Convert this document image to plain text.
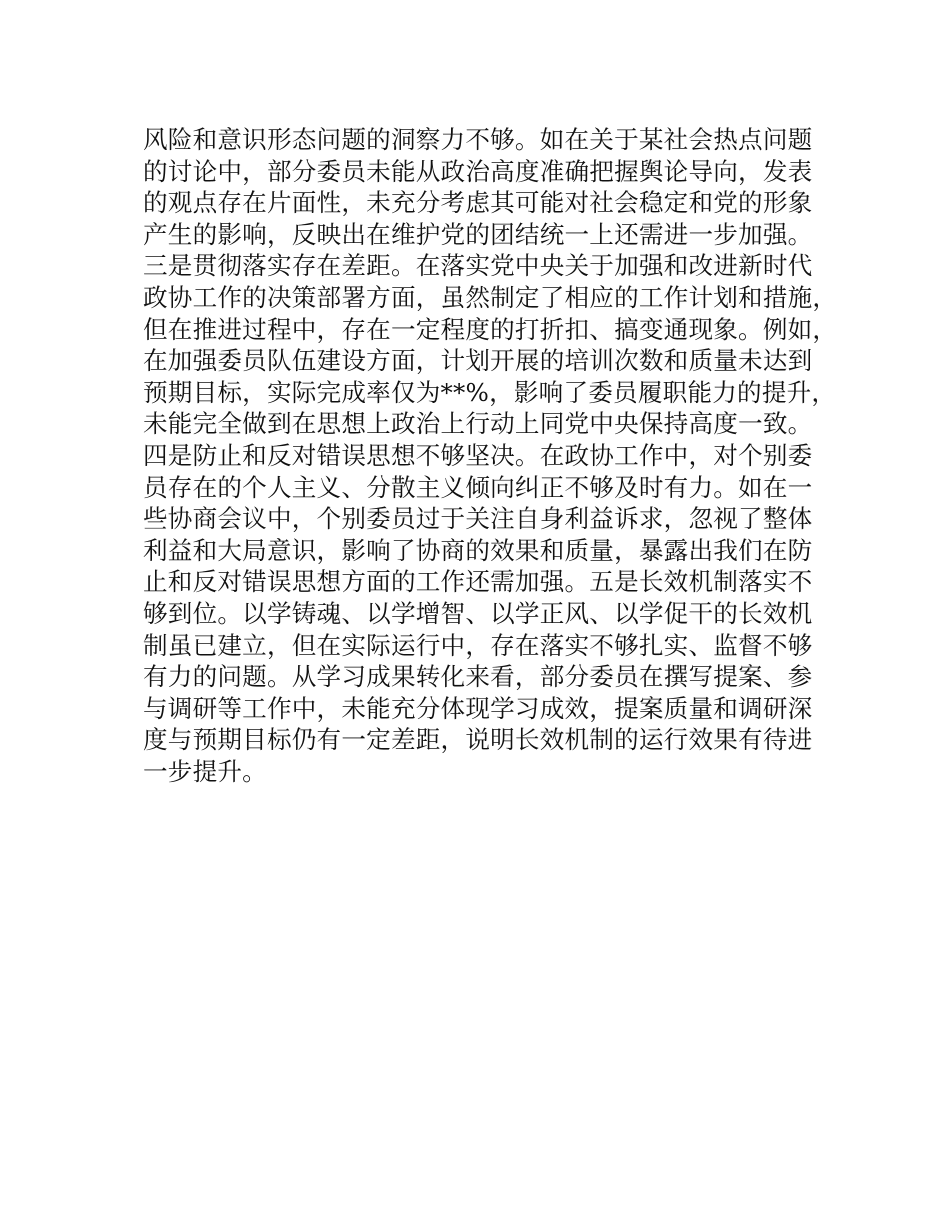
风险和意识形态问题的洞察力不够。如在关于某社会热点问题
的讨论中，部分委员未能从政治高度准确把握舆论导向，发表
的观点存在片面性，未充分考虑其可能对社会稳定和党的形象
产生的影响，反映出在维护党的团结统一上还需进一步加强。
三是贯彻落实存在差距。在落实党中央关于加强和改进新时代
政协工作的决策部署方面，虽然制定了相应的工作计划和措施，
但在推进过程中，存在一定程度的打折扣、搞变通现象。例如，
在加强委员队伍建设方面，计划开展的培训次数和质量未达到
预期目标，实际完成率仅为**%，影响了委员履职能力的提升，
未能完全做到在思想上政治上行动上同党中央保持高度一致。
四是防止和反对错误思想不够坚决。在政协工作中，对个别委
员存在的个人主义、分散主义倾向纠正不够及时有力。如在一
些协商会议中，个别委员过于关注自身利益诉求，忽视了整体
利益和大局意识，影响了协商的效果和质量，暴露出我们在防
止和反对错误思想方面的工作还需加强。五是长效机制落实不
够到位。以学铸魂、以学增智、以学正风、以学促干的长效机
制虽已建立，但在实际运行中，存在落实不够扎实、监督不够
有力的问题。从学习成果转化来看，部分委员在撰写提案、参
与调研等工作中，未能充分体现学习成效，提案质量和调研深
度与预期目标仍有一定差距，说明长效机制的运行效果有待进
一步提升。
